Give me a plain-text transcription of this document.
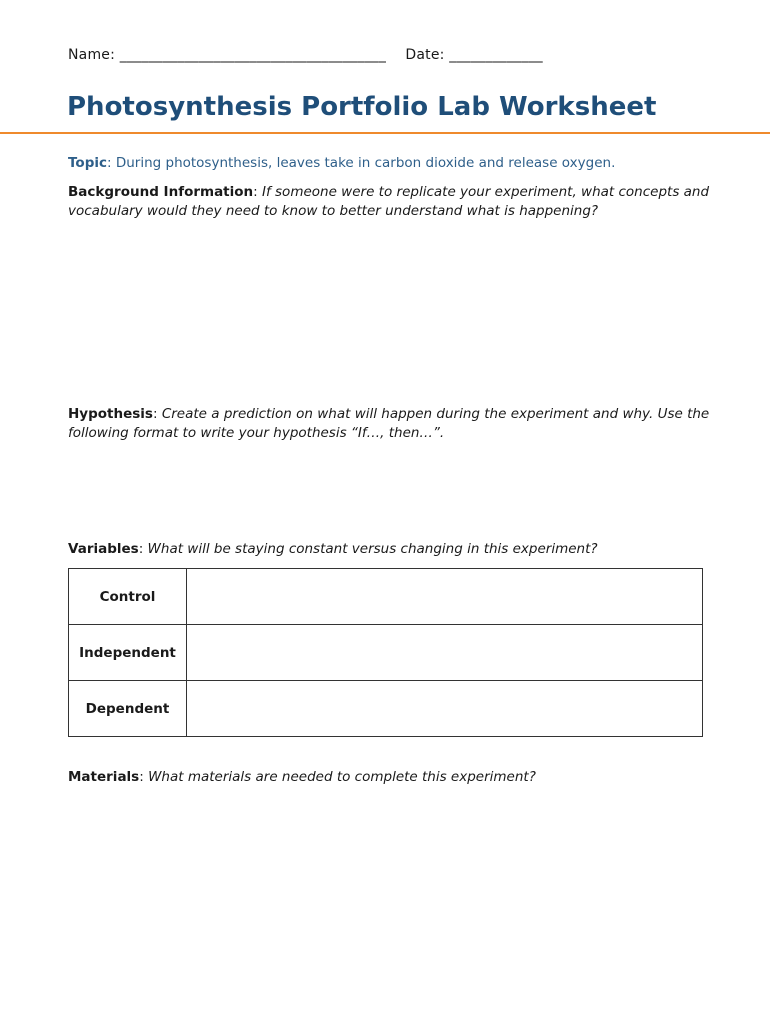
Name: _____________________________________ Date: _____________
Photosynthesis Portfolio Lab Worksheet
Topic: During photosynthesis, leaves take in carbon dioxide and release oxygen.
Background Information: If someone were to replicate your experiment, what concepts and vocabulary would they need to know to better understand what is happening?
Hypothesis: Create a prediction on what will happen during the experiment and why. Use the following format to write your hypothesis “If…, then…”.
Variables: What will be staying constant versus changing in this experiment?
Control	
Independent	
Dependent	
Materials: What materials are needed to complete this experiment?
